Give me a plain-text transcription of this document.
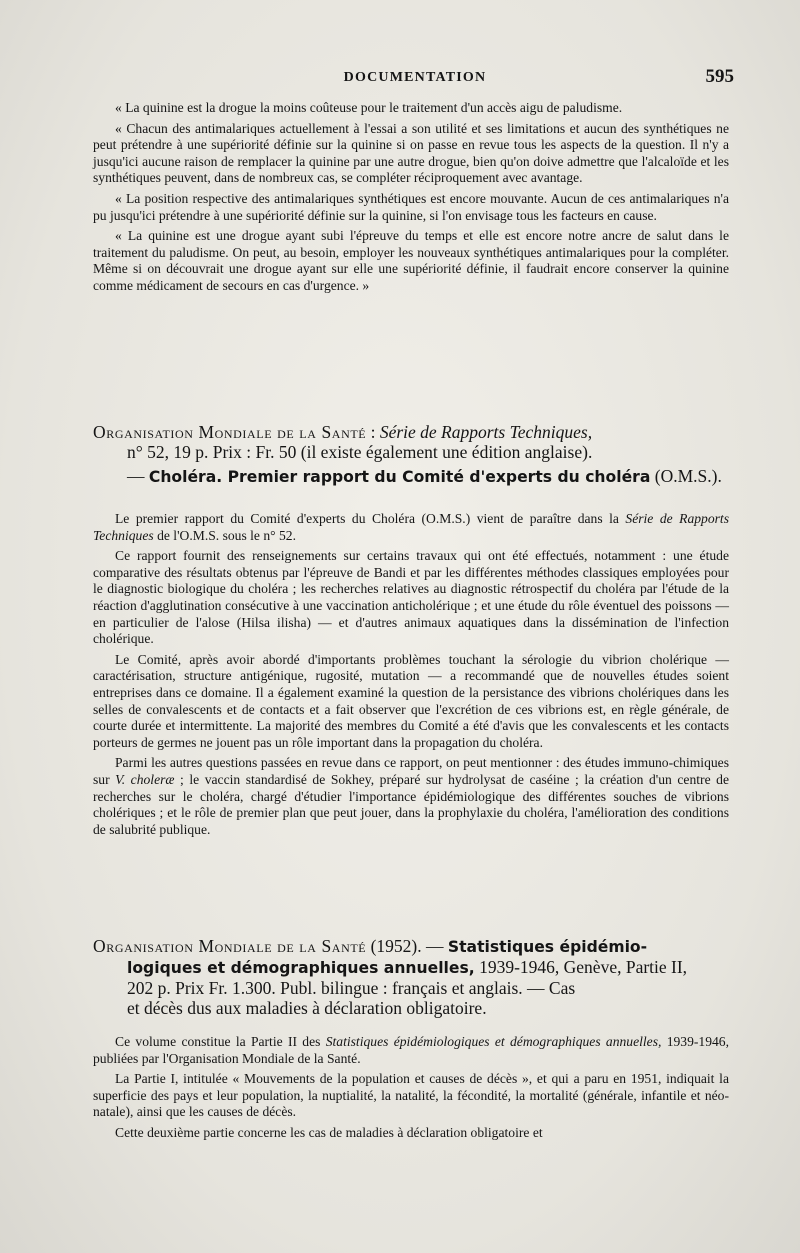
DOCUMENTATION	595

« La quinine est la drogue la moins coûteuse pour le traitement d'un accès aigu de paludisme.

« Chacun des antimalariques actuellement à l'essai a son utilité et ses limitations et aucun des synthétiques ne peut prétendre à une supériorité définie sur la quinine si on passe en revue tous les aspects de la question. Il n'y a jusqu'ici aucune raison de remplacer la quinine par une autre drogue, bien qu'on doive admettre que l'alcaloïde et les synthétiques peuvent, dans de nombreux cas, se compléter réciproquement avec avantage.

« La position respective des antimalariques synthétiques est encore mouvante. Aucun de ces antimalariques n'a pu jusqu'ici prétendre à une supériorité définie sur la quinine, si l'on envisage tous les facteurs en cause.

« La quinine est une drogue ayant subi l'épreuve du temps et elle est encore notre ancre de salut dans le traitement du paludisme. On peut, au besoin, employer les nouveaux synthétiques antimalariques pour la compléter. Même si on découvrait une drogue ayant sur elle une supériorité définie, il faudrait encore conserver la quinine comme médicament de secours en cas d'urgence. »

Organisation Mondiale de la Santé : Série de Rapports Techniques,
n° 52, 19 p. Prix : Fr. 50 (il existe également une édition anglaise).
— Choléra. Premier rapport du Comité d'experts du choléra (O.M.S.).

Le premier rapport du Comité d'experts du Choléra (O.M.S.) vient de paraître dans la Série de Rapports Techniques de l'O.M.S. sous le n° 52.

Ce rapport fournit des renseignements sur certains travaux qui ont été effectués, notamment : une étude comparative des résultats obtenus par l'épreuve de Bandi et par les différentes méthodes classiques employées pour le diagnostic biologique du choléra ; les recherches relatives au diagnostic rétrospectif du choléra par l'étude de la réaction d'agglutination consécutive à une vaccination anticholérique ; et une étude du rôle éventuel des poissons — en particulier de l'alose (Hilsa ilisha) — et d'autres animaux aquatiques dans la dissémination de l'infection cholérique.

Le Comité, après avoir abordé d'importants problèmes touchant la sérologie du vibrion cholérique — caractérisation, structure antigénique, rugosité, mutation — a recommandé que de nouvelles études soient entreprises dans ce domaine. Il a également examiné la question de la persistance des vibrions cholériques dans les selles de convalescents et de contacts et a fait observer que l'excrétion de ces vibrions est, en règle générale, de courte durée et intermittente. La majorité des membres du Comité a été d'avis que les convalescents et les contacts porteurs de germes ne jouent pas un rôle important dans la propagation du choléra.

Parmi les autres questions passées en revue dans ce rapport, on peut mentionner : des études immuno-chimiques sur V. choleræ ; le vaccin standardisé de Sokhey, préparé sur hydrolysat de caséine ; la création d'un centre de recherches sur le choléra, chargé d'étudier l'importance épidémiologique des différentes souches de vibrions cholériques ; et le rôle de premier plan que peut jouer, dans la prophylaxie du choléra, l'amélioration des conditions de salubrité publique.

Organisation Mondiale de la Santé (1952). — Statistiques épidémio-
logiques et démographiques annuelles, 1939-1946, Genève, Partie II,
202 p. Prix Fr. 1.300. Publ. bilingue : français et anglais. — Cas
et décès dus aux maladies à déclaration obligatoire.

Ce volume constitue la Partie II des Statistiques épidémiologiques et démographiques annuelles, 1939-1946, publiées par l'Organisation Mondiale de la Santé.

La Partie I, intitulée « Mouvements de la population et causes de décès », et qui a paru en 1951, indiquait la superficie des pays et leur population, la nuptialité, la natalité, la fécondité, la mortalité (générale, infantile et néo-natale), ainsi que les causes de décès.

Cette deuxième partie concerne les cas de maladies à déclaration obligatoire et
